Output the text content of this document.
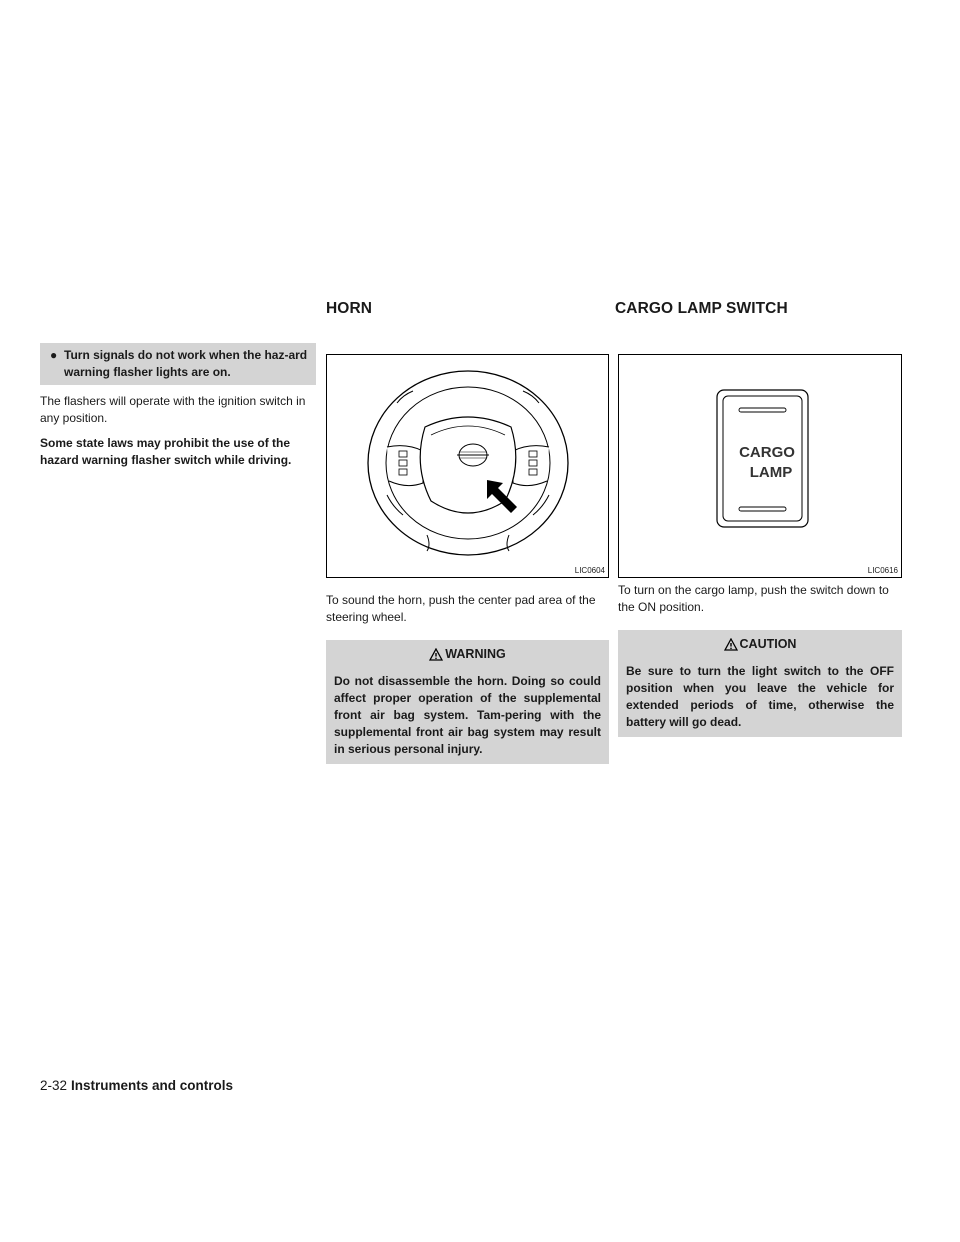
HORN	CARGO LAMP SWITCH
● Turn signals do not work when the haz-ard warning flasher lights are on.

The flashers will operate with the ignition switch in any position.

Some state laws may prohibit the use of the hazard warning flasher switch while driving.

LIC0604

To sound the horn, push the center pad area of the steering wheel.

WARNING
Do not disassemble the horn. Doing so could affect proper operation of the supplemental front air bag system. Tam-pering with the supplemental front air bag system may result in serious personal injury.
CARGO
LAMP
LIC0616

To turn on the cargo lamp, push the switch down to the ON position.

CAUTION
Be sure to turn the light switch to the OFF position when you leave the vehicle for extended periods of time, otherwise the battery will go dead.
2-32 Instruments and controls
